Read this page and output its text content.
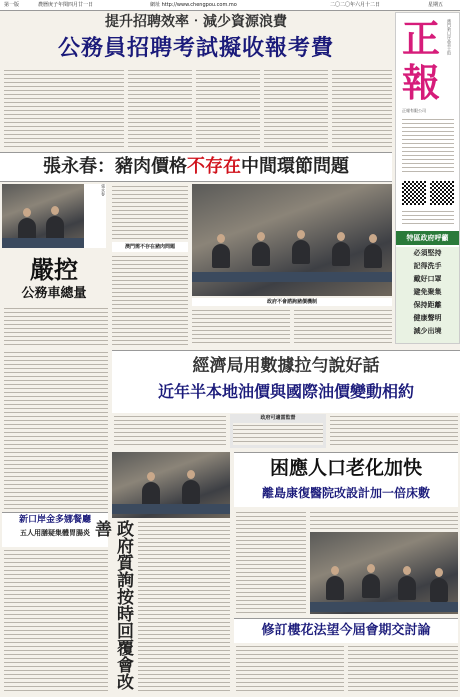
第一版	農曆庚子年閏四月廿一日	網址 http://www.chengpou.com.mo	二〇二〇年六月十二日	星期五
正
報
澳門新口岸高美士街
正報有限公司
特區政府呼籲
必須堅持
記得洗手
戴好口罩
避免聚集
保持距離
健康聲明
減少出境
提升招聘效率‧減少資源浪費
公務員招聘考試擬收報考費
張永春：豬肉價格不存在中間環節問題
張永春
嚴控
公務車總量
澳門需不存在豬肉問題
政府不會諮詢豬價機制
經濟局用數據拉勻說好話
近年半本地油價與國際油價變動相約
政府可適當監督
新口岸金多娜餐廳
五人用膳疑集體胃腸炎	政府質詢按時回覆會改善
困應人口老化加快
離島康復醫院改設計加一倍床數
修訂樓花法望今屆會期交討論
